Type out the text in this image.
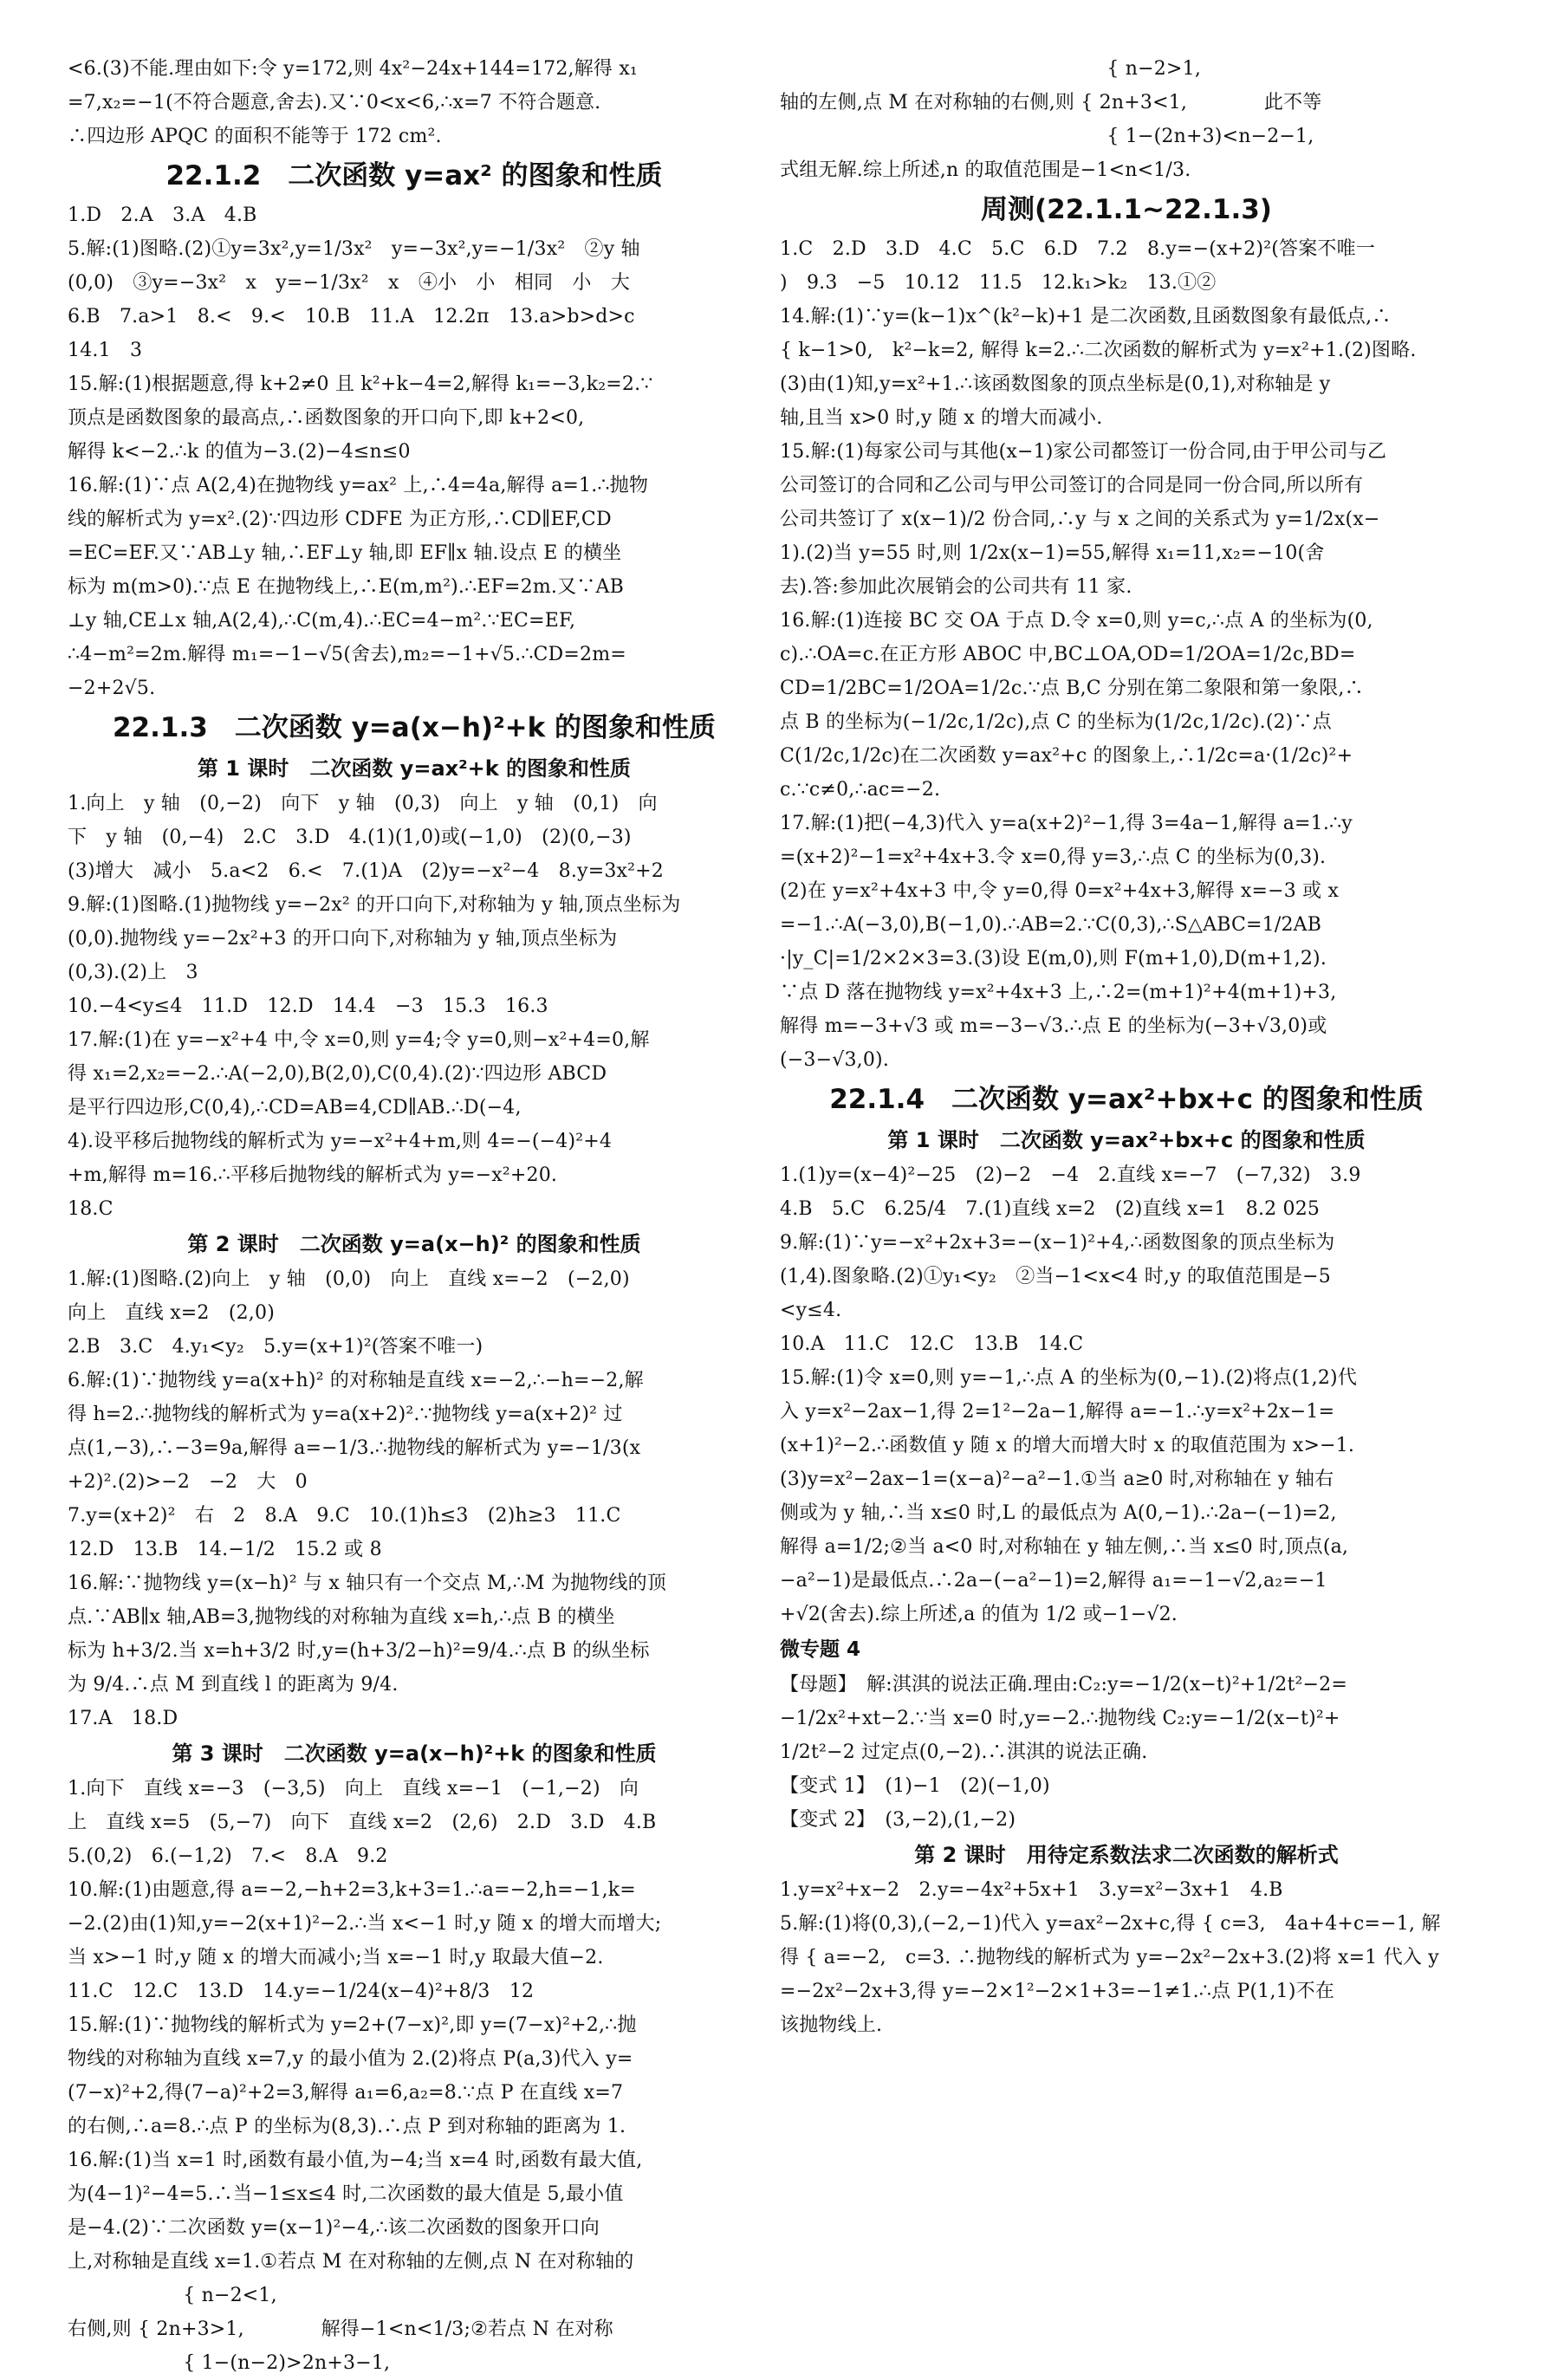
<6.(3)不能.理由如下:令 y=172,则 4x²−24x+144=172,解得 x₁
=7,x₂=−1(不符合题意,舍去).又∵0<x<6,∴x=7 不符合题意.
∴四边形 APQC 的面积不能等于 172 cm².
22.1.2　二次函数 y=ax² 的图象和性质
1.D　2.A　3.A　4.B
5.解:(1)图略.(2)①y=3x²,y=1/3x²　y=−3x²,y=−1/3x²　②y 轴
(0,0)　③y=−3x²　x　y=−1/3x²　x　④小　小　相同　小　大
6.B　7.a>1　8.<　9.<　10.B　11.A　12.2π　13.a>b>d>c
14.1　3
15.解:(1)根据题意,得 k+2≠0 且 k²+k−4=2,解得 k₁=−3,k₂=2.∵
顶点是函数图象的最高点,∴函数图象的开口向下,即 k+2<0,
解得 k<−2.∴k 的值为−3.(2)−4≤n≤0
16.解:(1)∵点 A(2,4)在抛物线 y=ax² 上,∴4=4a,解得 a=1.∴抛物
线的解析式为 y=x².(2)∵四边形 CDFE 为正方形,∴CD∥EF,CD
=EC=EF.又∵AB⊥y 轴,∴EF⊥y 轴,即 EF∥x 轴.设点 E 的横坐
标为 m(m>0).∵点 E 在抛物线上,∴E(m,m²).∴EF=2m.又∵AB
⊥y 轴,CE⊥x 轴,A(2,4),∴C(m,4).∴EC=4−m².∵EC=EF,
∴4−m²=2m.解得 m₁=−1−√5(舍去),m₂=−1+√5.∴CD=2m=
−2+2√5.
22.1.3　二次函数 y=a(x−h)²+k 的图象和性质
第 1 课时　二次函数 y=ax²+k 的图象和性质
1.向上　y 轴　(0,−2)　向下　y 轴　(0,3)　向上　y 轴　(0,1)　向
下　y 轴　(0,−4)　2.C　3.D　4.(1)(1,0)或(−1,0)　(2)(0,−3)
(3)增大　减小　5.a<2　6.<　7.(1)A　(2)y=−x²−4　8.y=3x²+2
9.解:(1)图略.(1)抛物线 y=−2x² 的开口向下,对称轴为 y 轴,顶点坐标为
(0,0).抛物线 y=−2x²+3 的开口向下,对称轴为 y 轴,顶点坐标为
(0,3).(2)上　3
10.−4<y≤4　11.D　12.D　14.4　−3　15.3　16.3
17.解:(1)在 y=−x²+4 中,令 x=0,则 y=4;令 y=0,则−x²+4=0,解
得 x₁=2,x₂=−2.∴A(−2,0),B(2,0),C(0,4).(2)∵四边形 ABCD
是平行四边形,C(0,4),∴CD=AB=4,CD∥AB.∴D(−4,
4).设平移后抛物线的解析式为 y=−x²+4+m,则 4=−(−4)²+4
+m,解得 m=16.∴平移后抛物线的解析式为 y=−x²+20.
18.C
第 2 课时　二次函数 y=a(x−h)² 的图象和性质
1.解:(1)图略.(2)向上　y 轴　(0,0)　向上　直线 x=−2　(−2,0)
向上　直线 x=2　(2,0)
2.B　3.C　4.y₁<y₂　5.y=(x+1)²(答案不唯一)
6.解:(1)∵抛物线 y=a(x+h)² 的对称轴是直线 x=−2,∴−h=−2,解
得 h=2.∴抛物线的解析式为 y=a(x+2)².∵抛物线 y=a(x+2)² 过
点(1,−3),∴−3=9a,解得 a=−1/3.∴抛物线的解析式为 y=−1/3(x
+2)².(2)>−2　−2　大　0
7.y=(x+2)²　右　2　8.A　9.C　10.(1)h≤3　(2)h≥3　11.C
12.D　13.B　14.−1/2　15.2 或 8
16.解:∵抛物线 y=(x−h)² 与 x 轴只有一个交点 M,∴M 为抛物线的顶
点.∵AB∥x 轴,AB=3,抛物线的对称轴为直线 x=h,∴点 B 的横坐
标为 h+3/2.当 x=h+3/2 时,y=(h+3/2−h)²=9/4.∴点 B 的纵坐标
为 9/4.∴点 M 到直线 l 的距离为 9/4.
17.A　18.D
第 3 课时　二次函数 y=a(x−h)²+k 的图象和性质
1.向下　直线 x=−3　(−3,5)　向上　直线 x=−1　(−1,−2)　向
上　直线 x=5　(5,−7)　向下　直线 x=2　(2,6)　2.D　3.D　4.B
5.(0,2)　6.(−1,2)　7.<　8.A　9.2
10.解:(1)由题意,得 a=−2,−h+2=3,k+3=1.∴a=−2,h=−1,k=
−2.(2)由(1)知,y=−2(x+1)²−2.∴当 x<−1 时,y 随 x 的增大而增大;
当 x>−1 时,y 随 x 的增大而减小;当 x=−1 时,y 取最大值−2.
11.C　12.C　13.D　14.y=−1/24(x−4)²+8/3　12
15.解:(1)∵抛物线的解析式为 y=2+(7−x)²,即 y=(7−x)²+2,∴抛
物线的对称轴为直线 x=7,y 的最小值为 2.(2)将点 P(a,3)代入 y=
(7−x)²+2,得(7−a)²+2=3,解得 a₁=6,a₂=8.∵点 P 在直线 x=7
的右侧,∴a=8.∴点 P 的坐标为(8,3).∴点 P 到对称轴的距离为 1.
16.解:(1)当 x=1 时,函数有最小值,为−4;当 x=4 时,函数有最大值,
为(4−1)²−4=5.∴当−1≤x≤4 时,二次函数的最大值是 5,最小值
是−4.(2)∵二次函数 y=(x−1)²−4,∴该二次函数的图象开口向
上,对称轴是直线 x=1.①若点 M 在对称轴的左侧,点 N 在对称轴的
　　　　　　{ n−2<1,
右侧,则 { 2n+3>1,　　　　解得−1<n<1/3;②若点 N 在对称
　　　　　　{ 1−(n−2)>2n+3−1,
　　　　　　　　　　　　　　　　　{ n−2>1,
轴的左侧,点 M 在对称轴的右侧,则 { 2n+3<1,　　　　此不等
　　　　　　　　　　　　　　　　　{ 1−(2n+3)<n−2−1,
式组无解.综上所述,n 的取值范围是−1<n<1/3.
周测(22.1.1~22.1.3)
1.C　2.D　3.D　4.C　5.C　6.D　7.2　8.y=−(x+2)²(答案不唯一
)　9.3　−5　10.12　11.5　12.k₁>k₂　13.①②
14.解:(1)∵y=(k−1)x^(k²−k)+1 是二次函数,且函数图象有最低点,∴
{ k−1>0,　k²−k=2, 解得 k=2.∴二次函数的解析式为 y=x²+1.(2)图略.
(3)由(1)知,y=x²+1.∴该函数图象的顶点坐标是(0,1),对称轴是 y
轴,且当 x>0 时,y 随 x 的增大而减小.
15.解:(1)每家公司与其他(x−1)家公司都签订一份合同,由于甲公司与乙
公司签订的合同和乙公司与甲公司签订的合同是同一份合同,所以所有
公司共签订了 x(x−1)/2 份合同,∴y 与 x 之间的关系式为 y=1/2x(x−
1).(2)当 y=55 时,则 1/2x(x−1)=55,解得 x₁=11,x₂=−10(舍
去).答:参加此次展销会的公司共有 11 家.
16.解:(1)连接 BC 交 OA 于点 D.令 x=0,则 y=c,∴点 A 的坐标为(0,
c).∴OA=c.在正方形 ABOC 中,BC⊥OA,OD=1/2OA=1/2c,BD=
CD=1/2BC=1/2OA=1/2c.∵点 B,C 分别在第二象限和第一象限,∴
点 B 的坐标为(−1/2c,1/2c),点 C 的坐标为(1/2c,1/2c).(2)∵点
C(1/2c,1/2c)在二次函数 y=ax²+c 的图象上,∴1/2c=a·(1/2c)²+
c.∵c≠0,∴ac=−2.
17.解:(1)把(−4,3)代入 y=a(x+2)²−1,得 3=4a−1,解得 a=1.∴y
=(x+2)²−1=x²+4x+3.令 x=0,得 y=3,∴点 C 的坐标为(0,3).
(2)在 y=x²+4x+3 中,令 y=0,得 0=x²+4x+3,解得 x=−3 或 x
=−1.∴A(−3,0),B(−1,0).∴AB=2.∵C(0,3),∴S△ABC=1/2AB
·|y_C|=1/2×2×3=3.(3)设 E(m,0),则 F(m+1,0),D(m+1,2).
∵点 D 落在抛物线 y=x²+4x+3 上,∴2=(m+1)²+4(m+1)+3,
解得 m=−3+√3 或 m=−3−√3.∴点 E 的坐标为(−3+√3,0)或
(−3−√3,0).
22.1.4　二次函数 y=ax²+bx+c 的图象和性质
第 1 课时　二次函数 y=ax²+bx+c 的图象和性质
1.(1)y=(x−4)²−25　(2)−2　−4　2.直线 x=−7　(−7,32)　3.9
4.B　5.C　6.25/4　7.(1)直线 x=2　(2)直线 x=1　8.2 025
9.解:(1)∵y=−x²+2x+3=−(x−1)²+4,∴函数图象的顶点坐标为
(1,4).图象略.(2)①y₁<y₂　②当−1<x<4 时,y 的取值范围是−5
<y≤4.
10.A　11.C　12.C　13.B　14.C
15.解:(1)令 x=0,则 y=−1,∴点 A 的坐标为(0,−1).(2)将点(1,2)代
入 y=x²−2ax−1,得 2=1²−2a−1,解得 a=−1.∴y=x²+2x−1=
(x+1)²−2.∴函数值 y 随 x 的增大而增大时 x 的取值范围为 x>−1.
(3)y=x²−2ax−1=(x−a)²−a²−1.①当 a≥0 时,对称轴在 y 轴右
侧或为 y 轴,∴当 x≤0 时,L 的最低点为 A(0,−1).∴2a−(−1)=2,
解得 a=1/2;②当 a<0 时,对称轴在 y 轴左侧,∴当 x≤0 时,顶点(a,
−a²−1)是最低点.∴2a−(−a²−1)=2,解得 a₁=−1−√2,a₂=−1
+√2(舍去).综上所述,a 的值为 1/2 或−1−√2.
微专题 4
【母题】　解:淇淇的说法正确.理由:C₂:y=−1/2(x−t)²+1/2t²−2=
−1/2x²+xt−2.∵当 x=0 时,y=−2.∴抛物线 C₂:y=−1/2(x−t)²+
1/2t²−2 过定点(0,−2).∴淇淇的说法正确.
【变式 1】　(1)−1　(2)(−1,0)
【变式 2】　(3,−2),(1,−2)
第 2 课时　用待定系数法求二次函数的解析式
1.y=x²+x−2　2.y=−4x²+5x+1　3.y=x²−3x+1　4.B
5.解:(1)将(0,3),(−2,−1)代入 y=ax²−2x+c,得 { c=3,　4a+4+c=−1, 解
得 { a=−2,　c=3. ∴抛物线的解析式为 y=−2x²−2x+3.(2)将 x=1 代入 y
=−2x²−2x+3,得 y=−2×1²−2×1+3=−1≠1.∴点 P(1,1)不在
该抛物线上.
